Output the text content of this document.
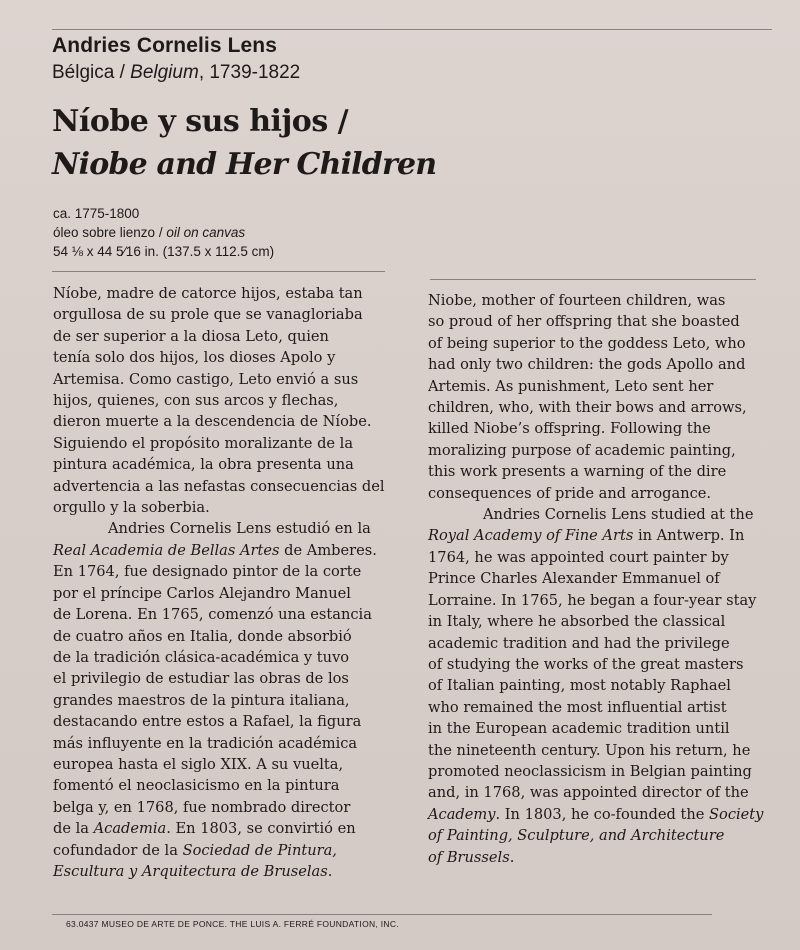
Andries Cornelis Lens
Bélgica / Belgium, 1739-1822
Níobe y sus hijos /
Niobe and Her Children
ca. 1775-1800
óleo sobre lienzo / oil on canvas
54 ⅛ x 44 5⁄16 in. (137.5 x 112.5 cm)
Níobe, madre de catorce hijos, estaba tan
orgullosa de su prole que se vanagloriaba
de ser superior a la diosa Leto, quien
tenía solo dos hijos, los dioses Apolo y
Artemisa. Como castigo, Leto envió a sus
hijos, quienes, con sus arcos y flechas,
dieron muerte a la descendencia de Níobe.
Siguiendo el propósito moralizante de la
pintura académica, la obra presenta una
advertencia a las nefastas consecuencias del
orgullo y la soberbia.
Andries Cornelis Lens estudió en la
Real Academia de Bellas Artes de Amberes.
En 1764, fue designado pintor de la corte
por el príncipe Carlos Alejandro Manuel
de Lorena. En 1765, comenzó una estancia
de cuatro años en Italia, donde absorbió
de la tradición clásica-académica y tuvo
el privilegio de estudiar las obras de los
grandes maestros de la pintura italiana,
destacando entre estos a Rafael, la figura
más influyente en la tradición académica
europea hasta el siglo XIX. A su vuelta,
fomentó el neoclasicismo en la pintura
belga y, en 1768, fue nombrado director
de la Academia. En 1803, se convirtió en
cofundador de la Sociedad de Pintura,
Escultura y Arquitectura de Bruselas.
Niobe, mother of fourteen children, was
so proud of her offspring that she boasted
of being superior to the goddess Leto, who
had only two children: the gods Apollo and
Artemis. As punishment, Leto sent her
children, who, with their bows and arrows,
killed Niobe’s offspring. Following the
moralizing purpose of academic painting,
this work presents a warning of the dire
consequences of pride and arrogance.
Andries Cornelis Lens studied at the
Royal Academy of Fine Arts in Antwerp. In
1764, he was appointed court painter by
Prince Charles Alexander Emmanuel of
Lorraine. In 1765, he began a four-year stay
in Italy, where he absorbed the classical
academic tradition and had the privilege
of studying the works of the great masters
of Italian painting, most notably Raphael
who remained the most influential artist
in the European academic tradition until
the nineteenth century. Upon his return, he
promoted neoclassicism in Belgian painting
and, in 1768, was appointed director of the
Academy. In 1803, he co-founded the Society
of Painting, Sculpture, and Architecture
of Brussels.
63.0437 MUSEO DE ARTE DE PONCE. THE LUIS A. FERRÉ FOUNDATION, INC.
